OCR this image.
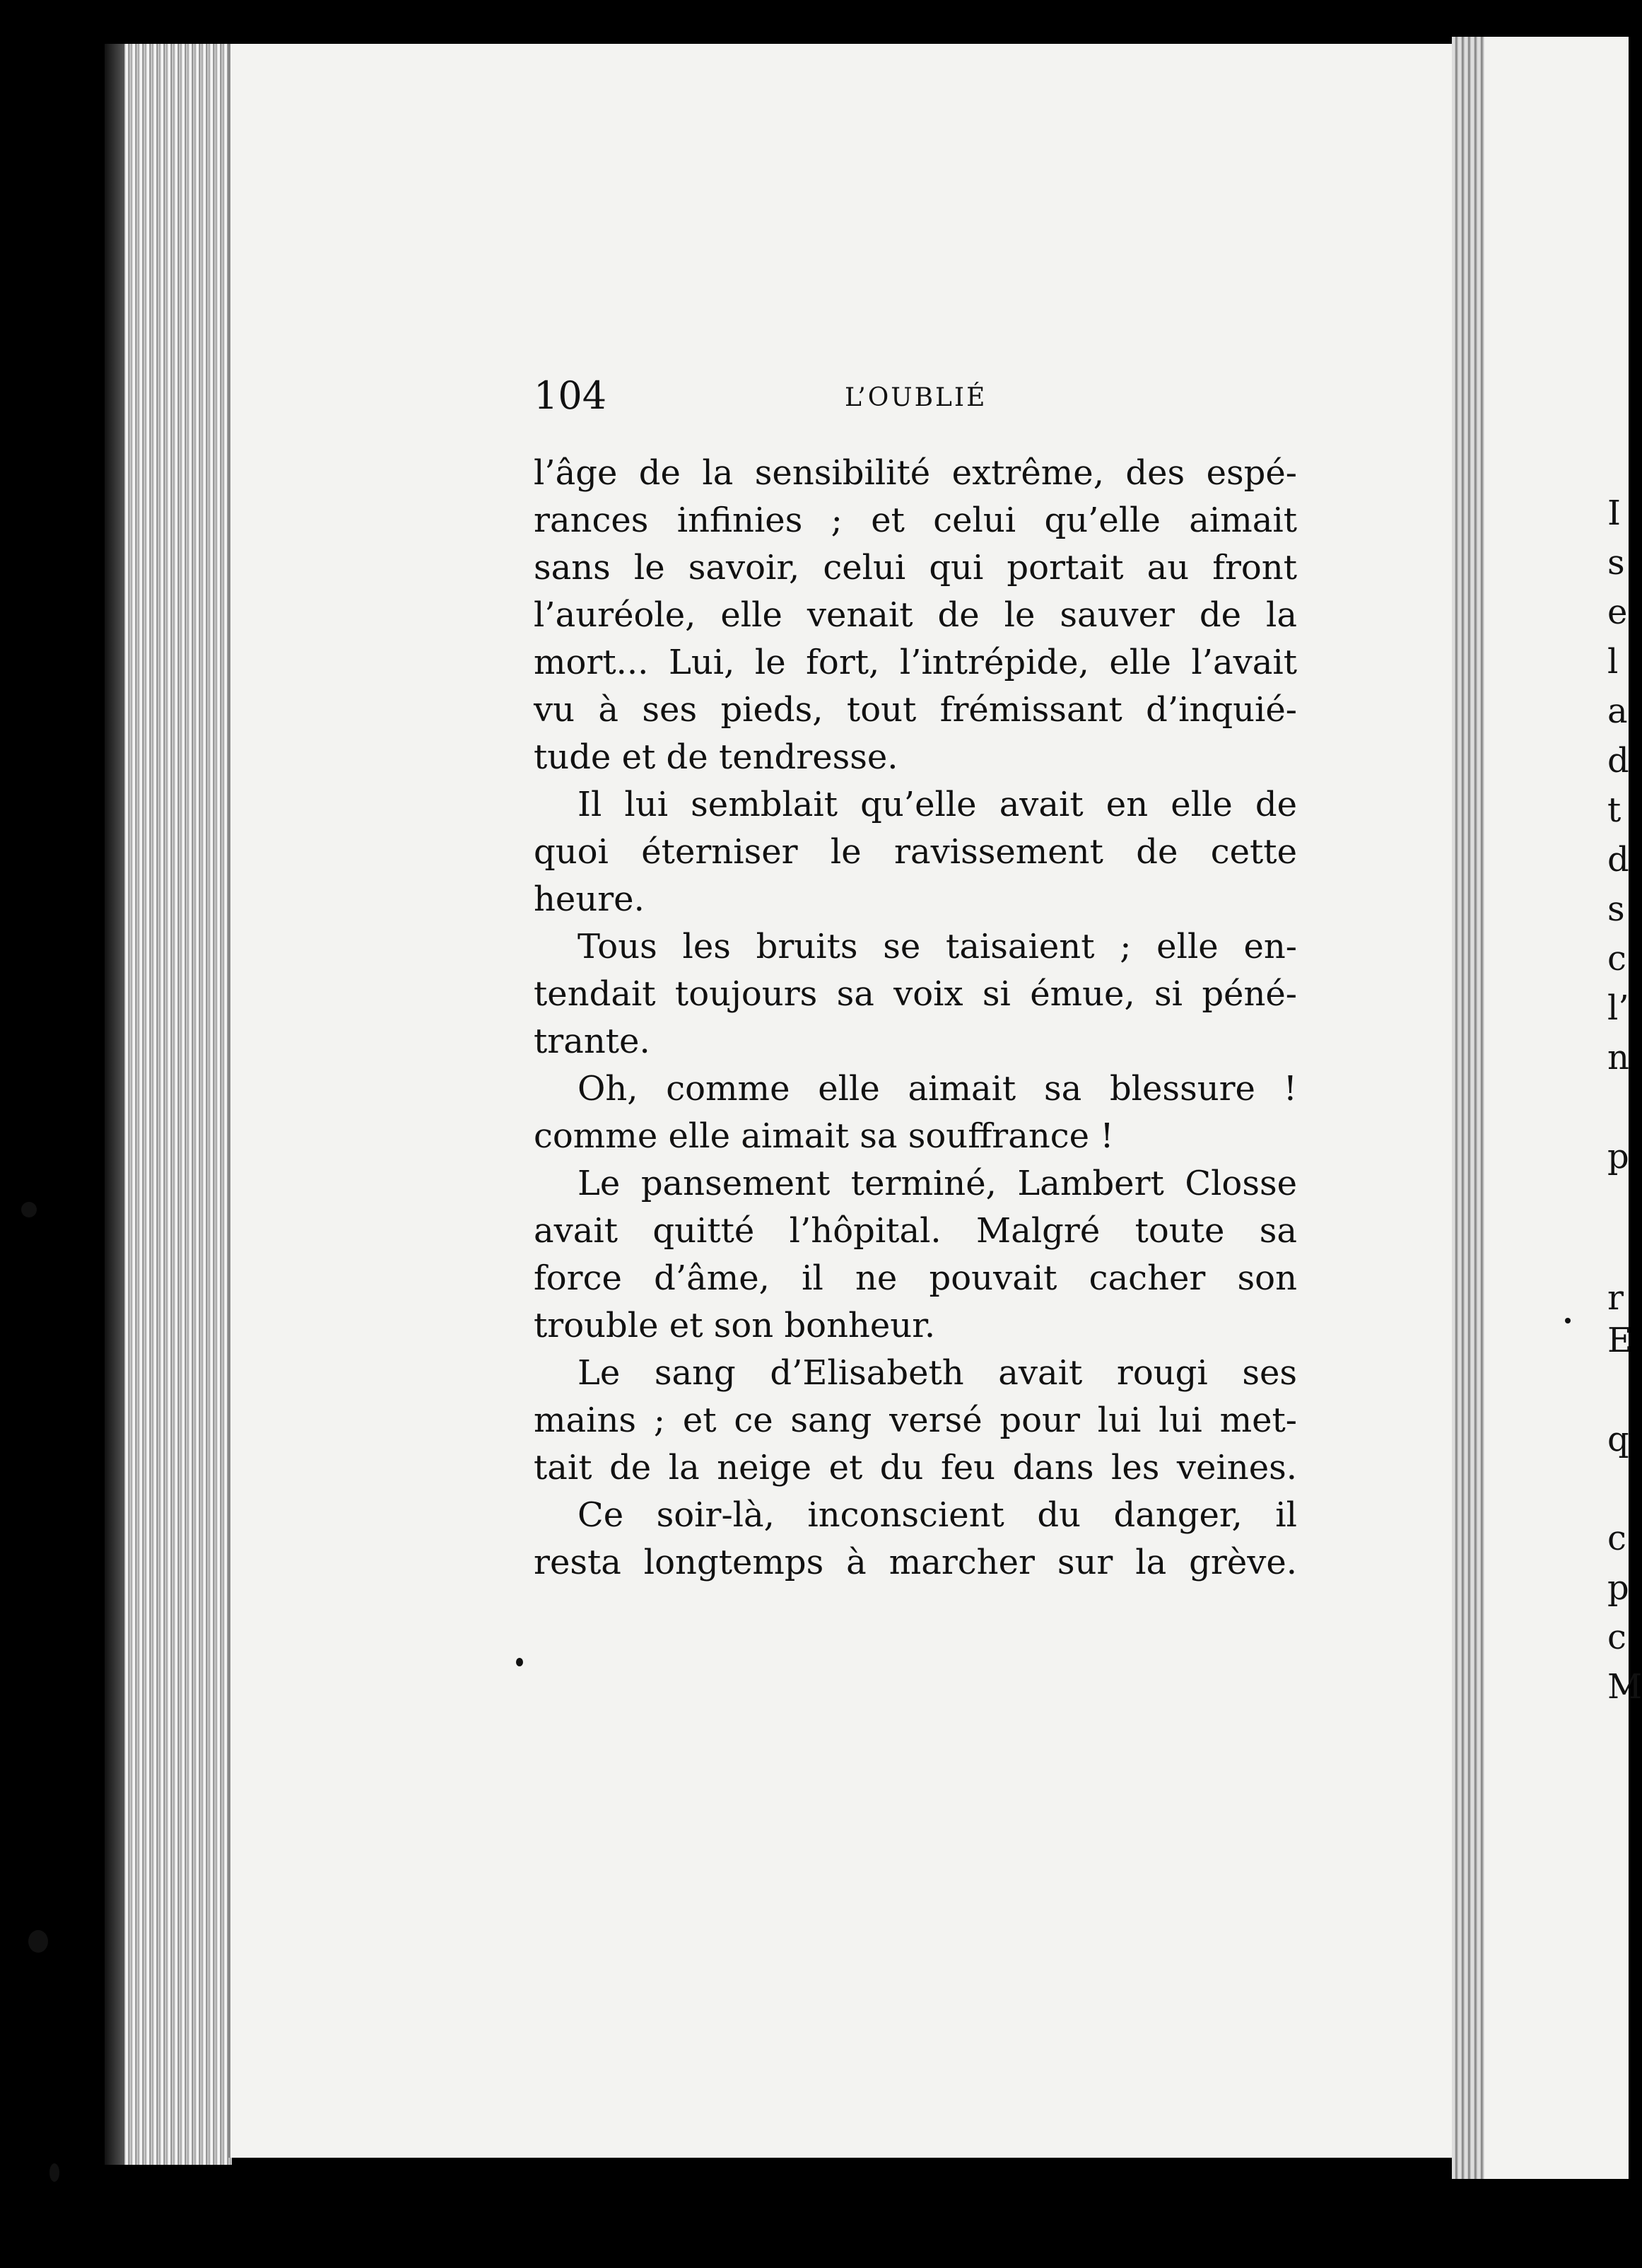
104	L’OUBLIÉ
l’âge de la sensibilité extrême, des espé-
rances infinies ; et celui qu’elle aimait
sans le savoir, celui qui portait au front
l’auréole, elle venait de le sauver de la
mort... Lui, le fort, l’intrépide, elle l’avait
vu à ses pieds, tout frémissant d’inquié-
tude et de tendresse.
Il lui semblait qu’elle avait en elle de
quoi éterniser le ravissement de cette
heure.
Tous les bruits se taisaient ; elle en-
tendait toujours sa voix si émue, si péné-
trante.
Oh, comme elle aimait sa blessure !
comme elle aimait sa souffrance !
Le pansement terminé, Lambert Closse
avait quitté l’hôpital. Malgré toute sa
force d’âme, il ne pouvait cacher son
trouble et son bonheur.
Le sang d’Elisabeth avait rougi ses
mains ; et ce sang versé pour lui lui met-
tait de la neige et du feu dans les veines.
Ce soir-là, inconscient du danger, il
resta longtemps à marcher sur la grève.
I
s
e
l
a
d
t
d
s
c
l’
n
p
r
E
q
c
p
c
M
